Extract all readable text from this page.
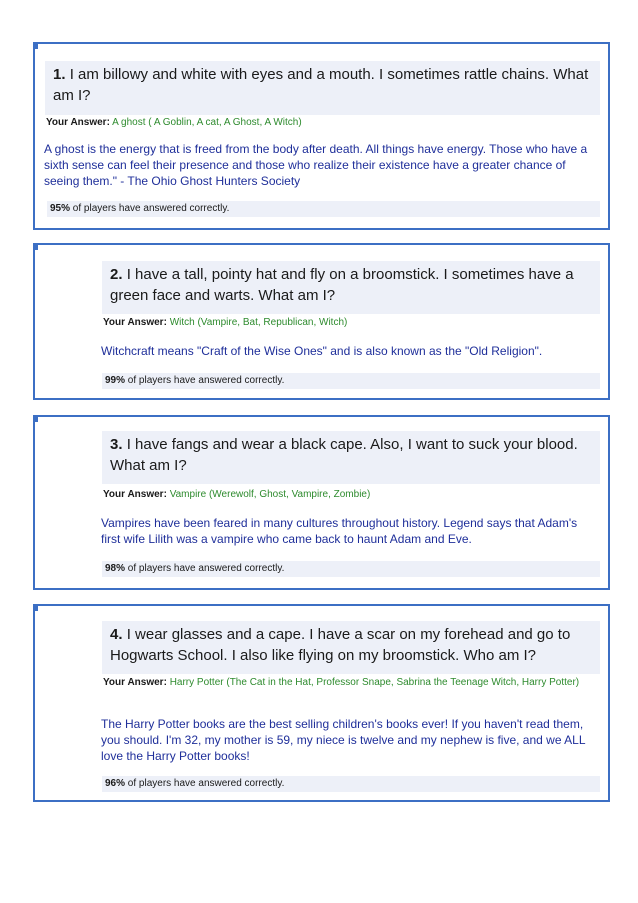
1. I am billowy and white with eyes and a mouth. I sometimes rattle chains. What am I?
Your Answer: A ghost ( A Goblin, A cat, A Ghost, A Witch)
A ghost is the energy that is freed from the body after death. All things have energy. Those who have a sixth sense can feel their presence and those who realize their existence have a greater chance of seeing them." - The Ohio Ghost Hunters Society
95% of players have answered correctly.
2. I have a tall, pointy hat and fly on a broomstick. I sometimes have a green face and warts. What am I?
Your Answer: Witch (Vampire, Bat, Republican, Witch)
Witchcraft means "Craft of the Wise Ones" and is also known as the "Old Religion".
99% of players have answered correctly.
3. I have fangs and wear a black cape. Also, I want to suck your blood. What am I?
Your Answer: Vampire (Werewolf, Ghost, Vampire, Zombie)
Vampires have been feared in many cultures throughout history. Legend says that Adam's first wife Lilith was a vampire who came back to haunt Adam and Eve.
98% of players have answered correctly.
4. I wear glasses and a cape. I have a scar on my forehead and go to Hogwarts School. I also like flying on my broomstick. Who am I?
Your Answer: Harry Potter (The Cat in the Hat, Professor Snape, Sabrina the Teenage Witch, Harry Potter)
The Harry Potter books are the best selling children's books ever! If you haven't read them, you should. I'm 32, my mother is 59, my niece is twelve and my nephew is five, and we ALL love the Harry Potter books!
96% of players have answered correctly.
